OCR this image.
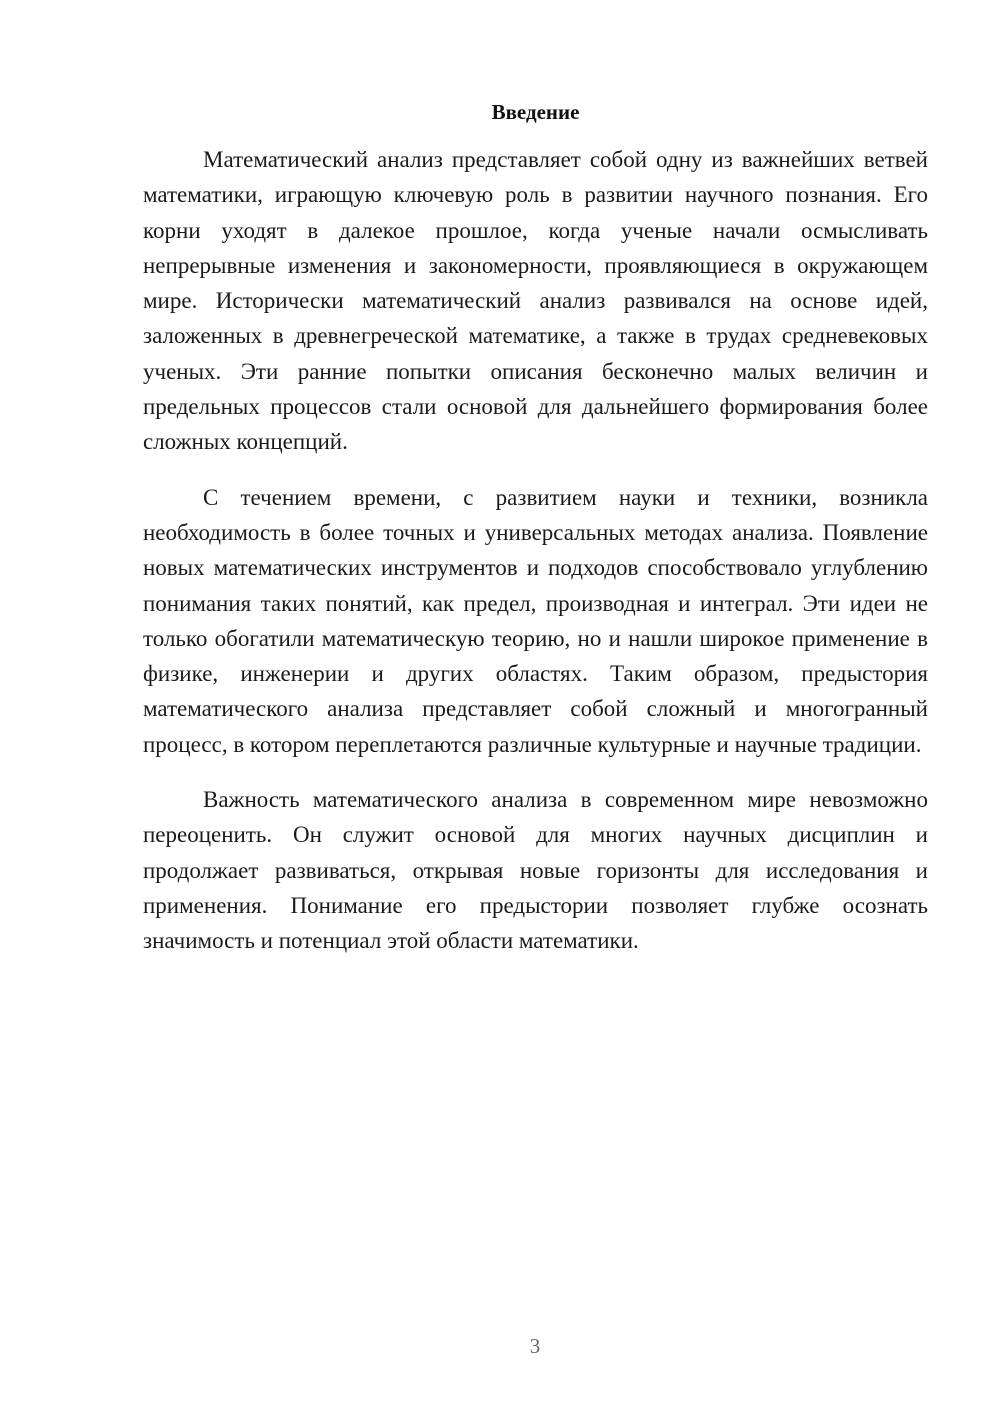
Введение

Математический анализ представляет собой одну из важнейших ветвей математики, играющую ключевую роль в развитии научного познания. Его корни уходят в далекое прошлое, когда ученые начали осмысливать непрерывные изменения и закономерности, проявляющиеся в окружающем мире. Исторически математический анализ развивался на основе идей, заложенных в древнегреческой математике, а также в трудах средневековых ученых. Эти ранние попытки описания бесконечно малых величин и предельных процессов стали основой для дальнейшего формирования более сложных концепций.

С течением времени, с развитием науки и техники, возникла необходимость в более точных и универсальных методах анализа. Появление новых математических инструментов и подходов способствовало углублению понимания таких понятий, как предел, производная и интеграл. Эти идеи не только обогатили математическую теорию, но и нашли широкое применение в физике, инженерии и других областях. Таким образом, предыстория математического анализа представляет собой сложный и многогранный процесс, в котором переплетаются различные культурные и научные традиции.

Важность математического анализа в современном мире невозможно переоценить. Он служит основой для многих научных дисциплин и продолжает развиваться, открывая новые горизонты для исследования и применения. Понимание его предыстории позволяет глубже осознать значимость и потенциал этой области математики.

3
